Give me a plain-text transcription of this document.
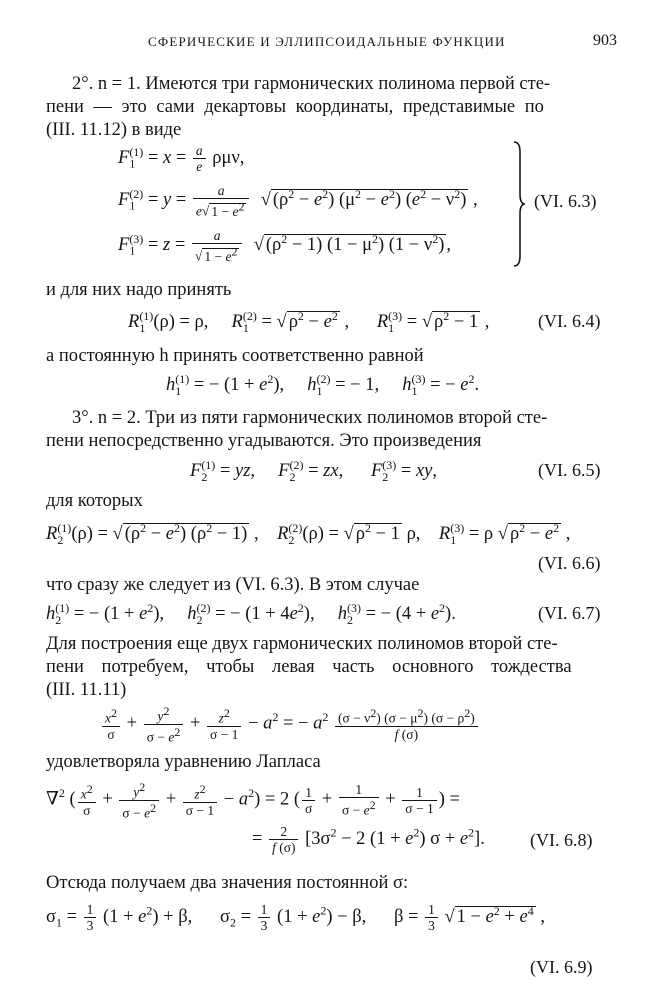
СФЕРИЧЕСКИЕ И ЭЛЛИПСОИДАЛЬНЫЕ ФУНКЦИИ	903
2°. n = 1. Имеются три гармонических полинома первой сте-
пени — это сами декартовы координаты, представимые по
(III. 11.12) в виде
$F_1^{(1)} = x = \frac{a}{e} \rho\mu\nu$,
$F_1^{(2)} = y = \frac{a}{e√ 1 - e^2}$ √ $(\rho^2 - e^2) (\mu^2 - e^2) (e^2 - \nu^2)$ ,
$F_1^{(3)} = z = \frac{a}{√ 1 - e^2}$ √ $(\rho^2 - 1) (1 - \mu^2) (1 - \nu^2)$ ,
(VI. 6.3)
и для них надо принять
$R_1^{(1)}(\rho) = \rho$,     $R_1^{(2)}$ = √ $\rho^2 - e^2$ ,      $R_1^{(3)}$ = √ $\rho^2 - 1$ ,	(VI. 6.4)
а постоянную h принять соответственно равной
$h_1^{(1)}$ = − $(1 + e^2)$,     $h_1^{(2)}$ = − 1,     $h_1^{(3)}$ = − $e^2$.
3°. n = 2. Три из пяти гармонических полиномов второй сте-
пени непосредственно угадываются. Это произведения
$F_2^{(1)}$ = yz,     $F_2^{(2)}$ = zx,      $F_2^{(3)}$ = xy,	(VI. 6.5)
для которых
$R_2^{(1)}(\rho)$ = √ $(\rho^2 - e^2) (\rho^2 - 1)$ ,    $R_2^{(2)}(\rho)$ = √ $\rho^2 - 1$ ρ,    $R_1^{(3)} = \rho$ √ $\rho^2 - e^2$ ,
(VI. 6.6)
что сразу же следует из (VI. 6.3). В этом случае
$h_2^{(1)}$ = − $(1 + e^2)$,     $h_2^{(2)}$ = − $(1 + 4e^2)$,     $h_2^{(3)}$ = − $(4 + e^2)$.	(VI. 6.7)
Для построения еще двух гармонических полиномов второй сте-
пени потребуем, чтобы левая часть основного тождества
(III. 11.11)
$\frac{x^2}{\sigma} + \frac{y^2}{\sigma - e^2} + \frac{z^2}{\sigma - 1} - a^2$ = − $a^2 \frac{(\sigma - \nu^2) (\sigma - \mu^2) (\sigma - \rho^2)}{f (\sigma)}$
удовлетворяла уравнению Лапласа
∇$^2$ ( $\frac{x^2}{\sigma} + \frac{y^2}{\sigma - e^2} + \frac{z^2}{\sigma - 1} - a^2) = 2$ ( $\frac{1}{\sigma} + \frac{1}{\sigma - e^2} + \frac{1}{\sigma - 1}$ ) =
= $\frac{2}{f (\sigma)} [3\sigma^2 - 2$ $(1 + e^2)$ $\sigma + e^2$].	(VI. 6.8)
Отсюда получаем два значения постоянной σ:
$\sigma_1 = \frac{1}{3} (1 + e^2) + \beta$,      $\sigma_2 = \frac{1}{3} (1 + e^2) - \beta$,      $\beta = \frac{1}{3}$ √ $1 - e^2 + e^4$ ,
(VI. 6.9)
